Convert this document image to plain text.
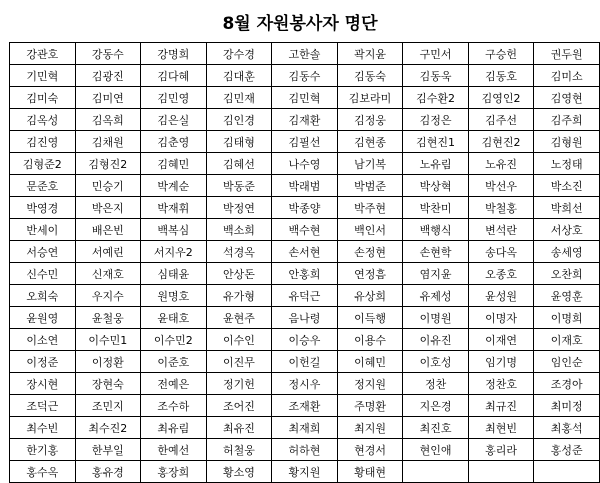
8월 자원봉사자 명단
강관호	강동수	강명희	강수경	고한솔	곽지윤	구민서	구승헌	권두원
기민혁	김광진	김다혜	김대훈	김동수	김동숙	김동욱	김동호	김미소
김미숙	김미연	김민영	김민재	김민혁	김보라미	김수환2	김영인2	김영현
김옥성	김옥희	김은실	김인경	김재환	김정웅	김정은	김주선	김주희
김진영	김채원	김춘영	김태형	김필선	김현종	김현진1	김현진2	김형원
김형준2	김형진2	김혜민	김혜선	나수영	남기복	노유림	노유진	노정태
문준호	민승기	박계순	박동준	박래범	박범준	박상혁	박선우	박소진
박영경	박은지	박재휘	박정연	박종양	박주현	박찬미	박철홍	박희선
반세이	배은빈	백복심	백소희	백수현	백인서	백행식	변석란	서상호
서승연	서예린	서지우2	석경옥	손서현	손정현	손현학	송다옥	송세영
신수민	신재호	심태윤	안상돈	안홍희	연정흠	염지윤	오종호	오찬희
오희숙	우지수	원명호	유가형	유덕근	유상희	유제성	윤성원	윤영훈
윤원영	윤철웅	윤태호	윤현주	음나령	이득행	이명원	이명자	이명희
이소연	이수민1	이수민2	이수인	이승우	이용수	이유진	이재연	이재호
이정준	이정환	이준호	이진무	이헌길	이혜민	이호성	임기명	임인순
장시현	장현숙	전예은	정기헌	정시우	정지원	정찬	정찬호	조경아
조덕근	조민지	조수하	조어진	조재환	주명환	지은경	최규진	최미정
최수빈	최수진2	최유림	최유진	최재희	최지원	최진호	최현빈	최홍석
한기홍	한부일	한예선	허철웅	허하현	현경서	현인애	홍리라	홍성준
홍수옥	홍유경	홍장희	황소영	황지원	황태현			
